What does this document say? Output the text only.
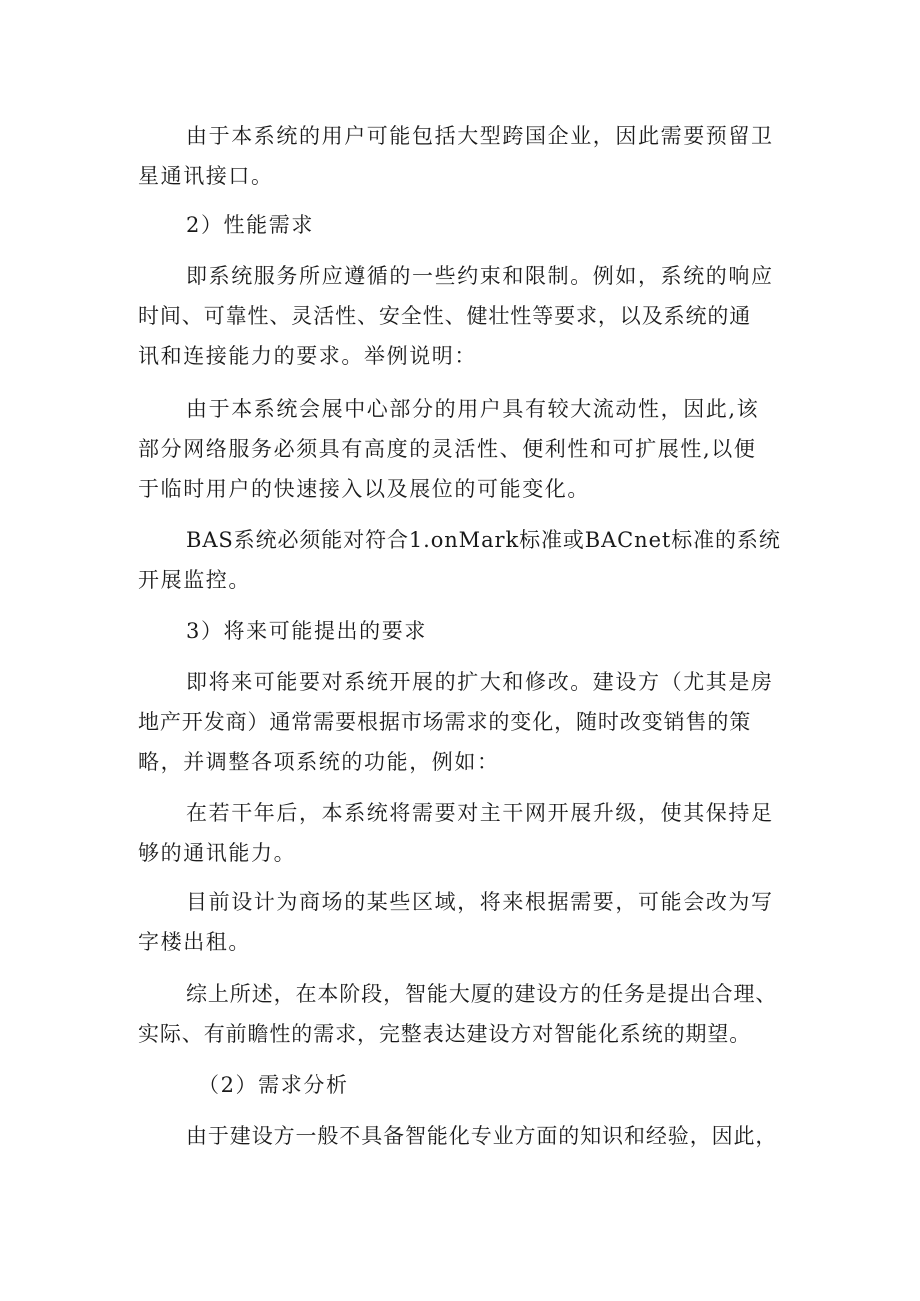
由于本系统的用户可能包括大型跨国企业，因此需要预留卫
星通讯接口。

2）性能需求

即系统服务所应遵循的一些约束和限制。例如，系统的响应
时间、可靠性、灵活性、安全性、健壮性等要求，以及系统的通
讯和连接能力的要求。举例说明：

由于本系统会展中心部分的用户具有较大流动性，因此,该
部分网络服务必须具有高度的灵活性、便利性和可扩展性,以便
于临时用户的快速接入以及展位的可能变化。

BAS系统必须能对符合1.onMark标准或BACnet标准的系统
开展监控。

3）将来可能提出的要求

即将来可能要对系统开展的扩大和修改。建设方（尤其是房
地产开发商）通常需要根据市场需求的变化，随时改变销售的策
略，并调整各项系统的功能，例如：

在若干年后，本系统将需要对主干网开展升级，使其保持足
够的通讯能力。

目前设计为商场的某些区域，将来根据需要，可能会改为写
字楼出租。

综上所述，在本阶段，智能大厦的建设方的任务是提出合理、
实际、有前瞻性的需求，完整表达建设方对智能化系统的期望。

（2）需求分析

由于建设方一般不具备智能化专业方面的知识和经验，因此，
